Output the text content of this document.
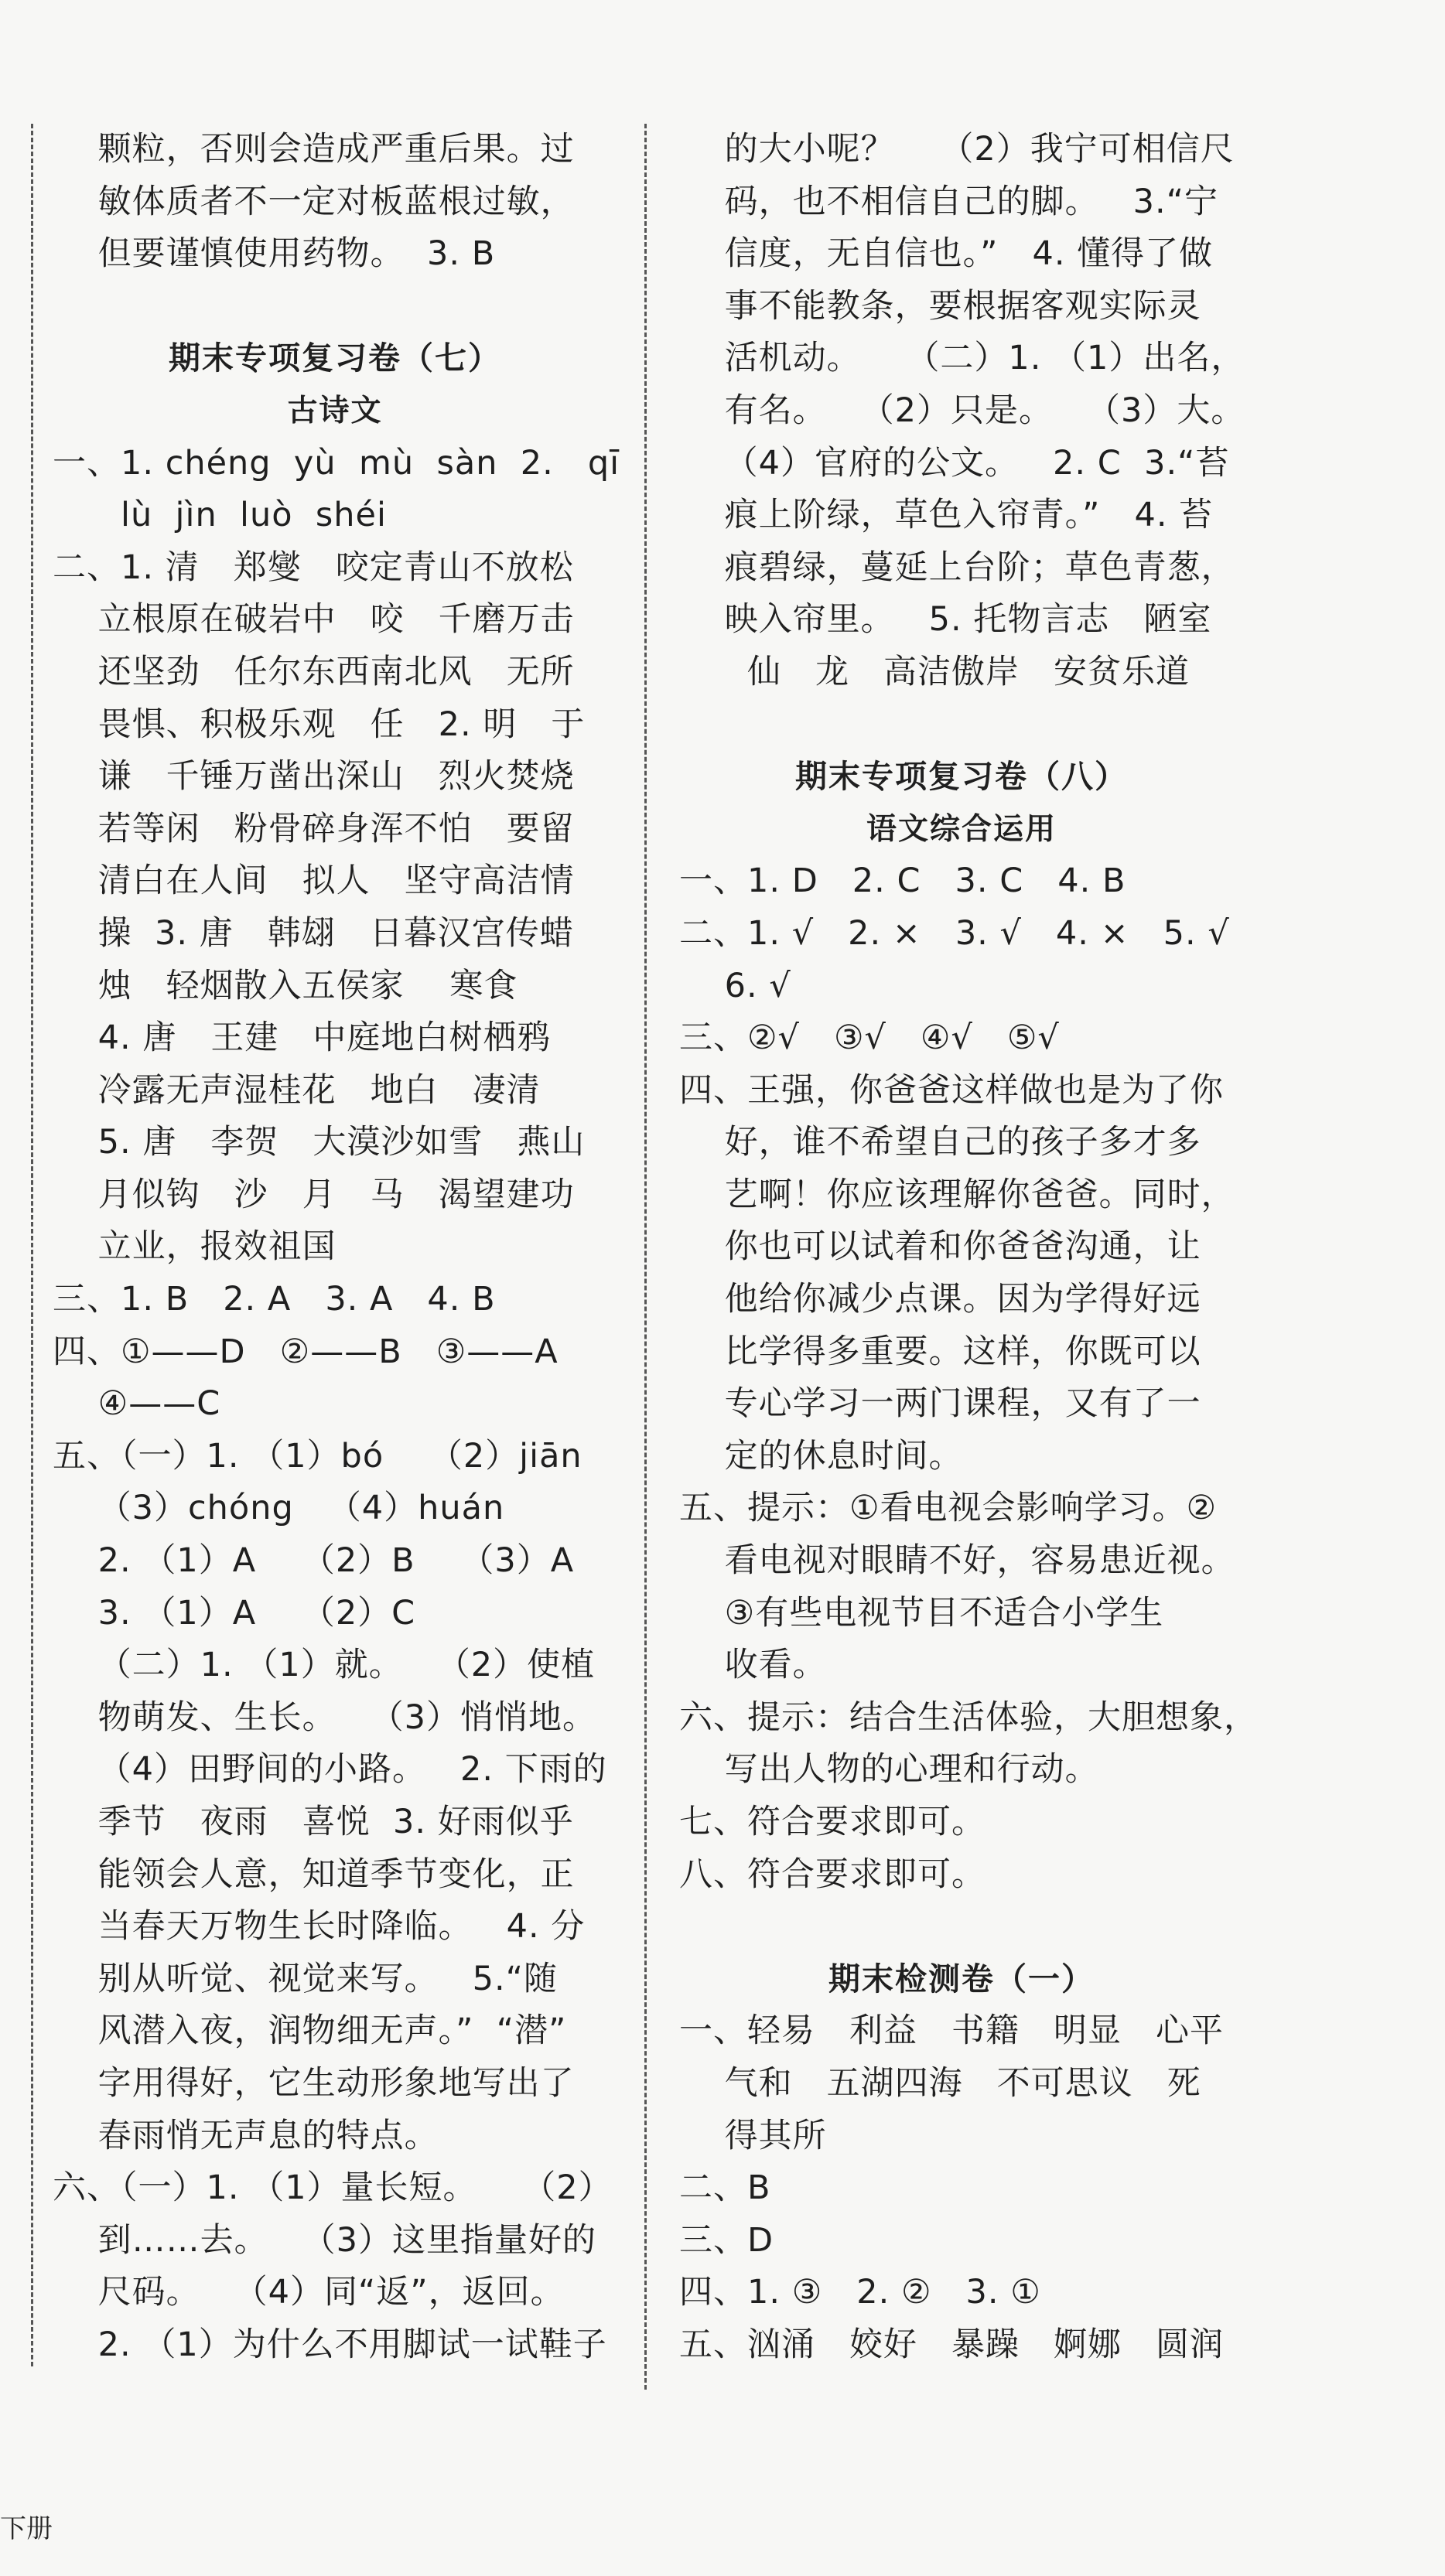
颗粒，否则会造成严重后果。过
敏体质者不一定对板蓝根过敏，
但要谨慎使用药物。  3. B
期末专项复习卷（七）
古诗文
一、1. chéng  yù  mù  sàn  2.   qī
lù  jìn  luò  shéi
二、1. 清   郑燮   咬定青山不放松
立根原在破岩中   咬   千磨万击
还坚劲   任尔东西南北风   无所
畏惧、积极乐观   任   2. 明   于
谦   千锤万凿出深山   烈火焚烧
若等闲   粉骨碎身浑不怕   要留
清白在人间   拟人   坚守高洁情
操  3. 唐   韩翃   日暮汉宫传蜡
烛   轻烟散入五侯家    寒食
4. 唐   王建   中庭地白树栖鸦
冷露无声湿桂花   地白   凄清
5. 唐   李贺   大漠沙如雪   燕山
月似钩   沙   月   马   渴望建功
立业，报效祖国
三、1. B   2. A   3. A   4. B
四、①——D   ②——B   ③——A
④——C
五、（一）1. （1）bó    （2）jiān
（3）chóng   （4）huán
2. （1）A    （2）B    （3）A
3. （1）A    （2）C
（二）1. （1）就。   （2）使植
物萌发、生长。   （3）悄悄地。
（4）田野间的小路。   2. 下雨的
季节   夜雨   喜悦  3. 好雨似乎
能领会人意，知道季节变化，正
当春天万物生长时降临。   4. 分
别从听觉、视觉来写。   5.“随
风潜入夜，润物细无声。”  “潜”
字用得好，它生动形象地写出了
春雨悄无声息的特点。
六、（一）1. （1）量长短。    （2）
到……去。   （3）这里指量好的
尺码。   （4）同“返”，返回。
2. （1）为什么不用脚试一试鞋子
的大小呢？    （2）我宁可相信尺
码，也不相信自己的脚。   3.“宁
信度，无自信也。”   4. 懂得了做
事不能教条，要根据客观实际灵
活机动。    （二）1. （1）出名，
有名。   （2）只是。   （3）大。
（4）官府的公文。   2. C  3.“苔
痕上阶绿，草色入帘青。”   4. 苔
痕碧绿，蔓延上台阶；草色青葱，
映入帘里。   5. 托物言志   陋室
仙   龙   高洁傲岸   安贫乐道
期末专项复习卷（八）
语文综合运用
一、1. D   2. C   3. C   4. B
二、1. √   2. ×   3. √   4. ×   5. √
6. √
三、②√   ③√   ④√   ⑤√
四、王强，你爸爸这样做也是为了你
好，谁不希望自己的孩子多才多
艺啊！你应该理解你爸爸。同时，
你也可以试着和你爸爸沟通，让
他给你减少点课。因为学得好远
比学得多重要。这样，你既可以
专心学习一两门课程，又有了一
定的休息时间。
五、提示：①看电视会影响学习。②
看电视对眼睛不好，容易患近视。
③有些电视节目不适合小学生
收看。
六、提示：结合生活体验，大胆想象，
写出人物的心理和行动。
七、符合要求即可。
八、符合要求即可。
期末检测卷（一）
一、轻易   利益   书籍   明显   心平
气和   五湖四海   不可思议   死
得其所
二、B
三、D
四、1. ③   2. ②   3. ①
五、汹涌   姣好   暴躁   婀娜   圆润
下册
